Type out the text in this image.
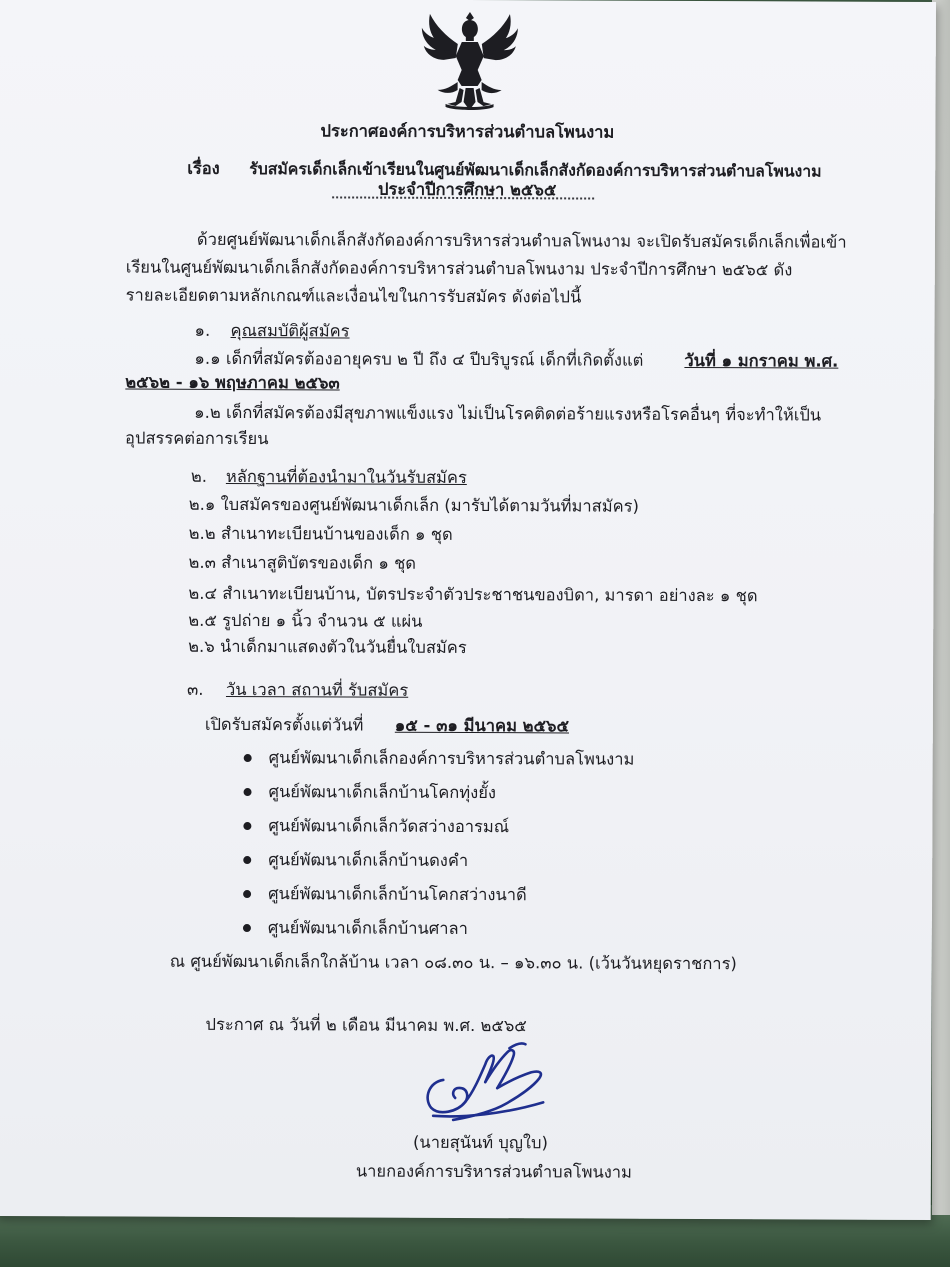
ประกาศองค์การบริหารส่วนตำบลโพนงาม
เรื่อง รับสมัครเด็กเล็กเข้าเรียนในศูนย์พัฒนาเด็กเล็กสังกัดองค์การบริหารส่วนตำบลโพนงาม
ประจำปีการศึกษา ๒๕๖๕
ด้วยศูนย์พัฒนาเด็กเล็กสังกัดองค์การบริหารส่วนตำบลโพนงาม จะเปิดรับสมัครเด็กเล็กเพื่อเข้า
เรียนในศูนย์พัฒนาเด็กเล็กสังกัดองค์การบริหารส่วนตำบลโพนงาม ประจำปีการศึกษา ๒๕๖๕ ดัง
รายละเอียดตามหลักเกณฑ์และเงื่อนไขในการรับสมัคร ดังต่อไปนี้
๑. คุณสมบัติผู้สมัคร
๑.๑ เด็กที่สมัครต้องอายุครบ ๒ ปี ถึง ๔ ปีบริบูรณ์ เด็กที่เกิดตั้งแต่ วันที่ ๑ มกราคม พ.ศ.
๒๕๖๒ - ๑๖ พฤษภาคม ๒๕๖๓
๑.๒ เด็กที่สมัครต้องมีสุขภาพแข็งแรง ไม่เป็นโรคติดต่อร้ายแรงหรือโรคอื่นๆ ที่จะทำให้เป็น
อุปสรรคต่อการเรียน
๒. หลักฐานที่ต้องนำมาในวันรับสมัคร
๒.๑ ใบสมัครของศูนย์พัฒนาเด็กเล็ก (มารับได้ตามวันที่มาสมัคร)
๒.๒ สำเนาทะเบียนบ้านของเด็ก ๑ ชุด
๒.๓ สำเนาสูติบัตรของเด็ก ๑ ชุด
๒.๔ สำเนาทะเบียนบ้าน, บัตรประจำตัวประชาชนของบิดา, มารดา อย่างละ ๑ ชุด
๒.๕ รูปถ่าย ๑ นิ้ว จำนวน ๕ แผ่น
๒.๖ นำเด็กมาแสดงตัวในวันยื่นใบสมัคร
๓. วัน เวลา สถานที่ รับสมัคร
เปิดรับสมัครตั้งแต่วันที่ ๑๕ - ๓๑ มีนาคม ๒๕๖๕
ศูนย์พัฒนาเด็กเล็กองค์การบริหารส่วนตำบลโพนงาม
ศูนย์พัฒนาเด็กเล็กบ้านโคกทุ่งยั้ง
ศูนย์พัฒนาเด็กเล็กวัดสว่างอารมณ์
ศูนย์พัฒนาเด็กเล็กบ้านดงคำ
ศูนย์พัฒนาเด็กเล็กบ้านโคกสว่างนาดี
ศูนย์พัฒนาเด็กเล็กบ้านศาลา
ณ ศูนย์พัฒนาเด็กเล็กใกล้บ้าน เวลา ๐๘.๓๐ น. – ๑๖.๓๐ น. (เว้นวันหยุดราชการ)
ประกาศ ณ วันที่ ๒ เดือน มีนาคม พ.ศ. ๒๕๖๕
(นายสุนันท์ บุญใบ)
นายกองค์การบริหารส่วนตำบลโพนงาม
